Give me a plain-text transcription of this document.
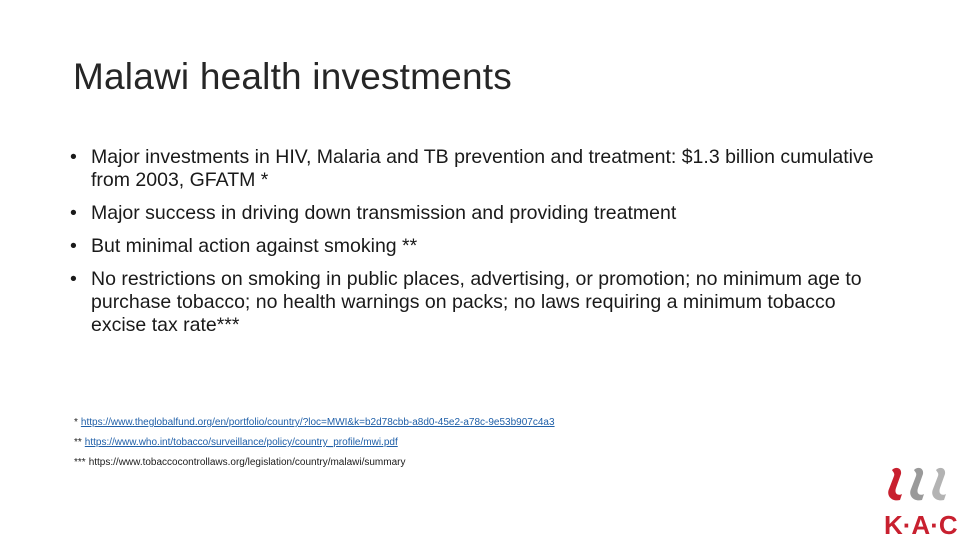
Malawi health investments
• Major investments in HIV, Malaria and TB prevention and treatment: $1.3 billion cumulative from 2003, GFATM *
• Major success in driving down transmission and providing treatment
• But minimal action against smoking **
• No restrictions on smoking in public places, advertising, or promotion; no minimum age to purchase tobacco; no health warnings on packs; no laws requiring a minimum tobacco excise tax rate***
* https://www.theglobalfund.org/en/portfolio/country/?loc=MWI&k=b2d78cbb-a8d0-45e2-a78c-9e53b907c4a3
** https://www.who.int/tobacco/surveillance/policy/country_profile/mwi.pdf
*** https://www.tobaccocontrollaws.org/legislation/country/malawi/summary
K·A·C
